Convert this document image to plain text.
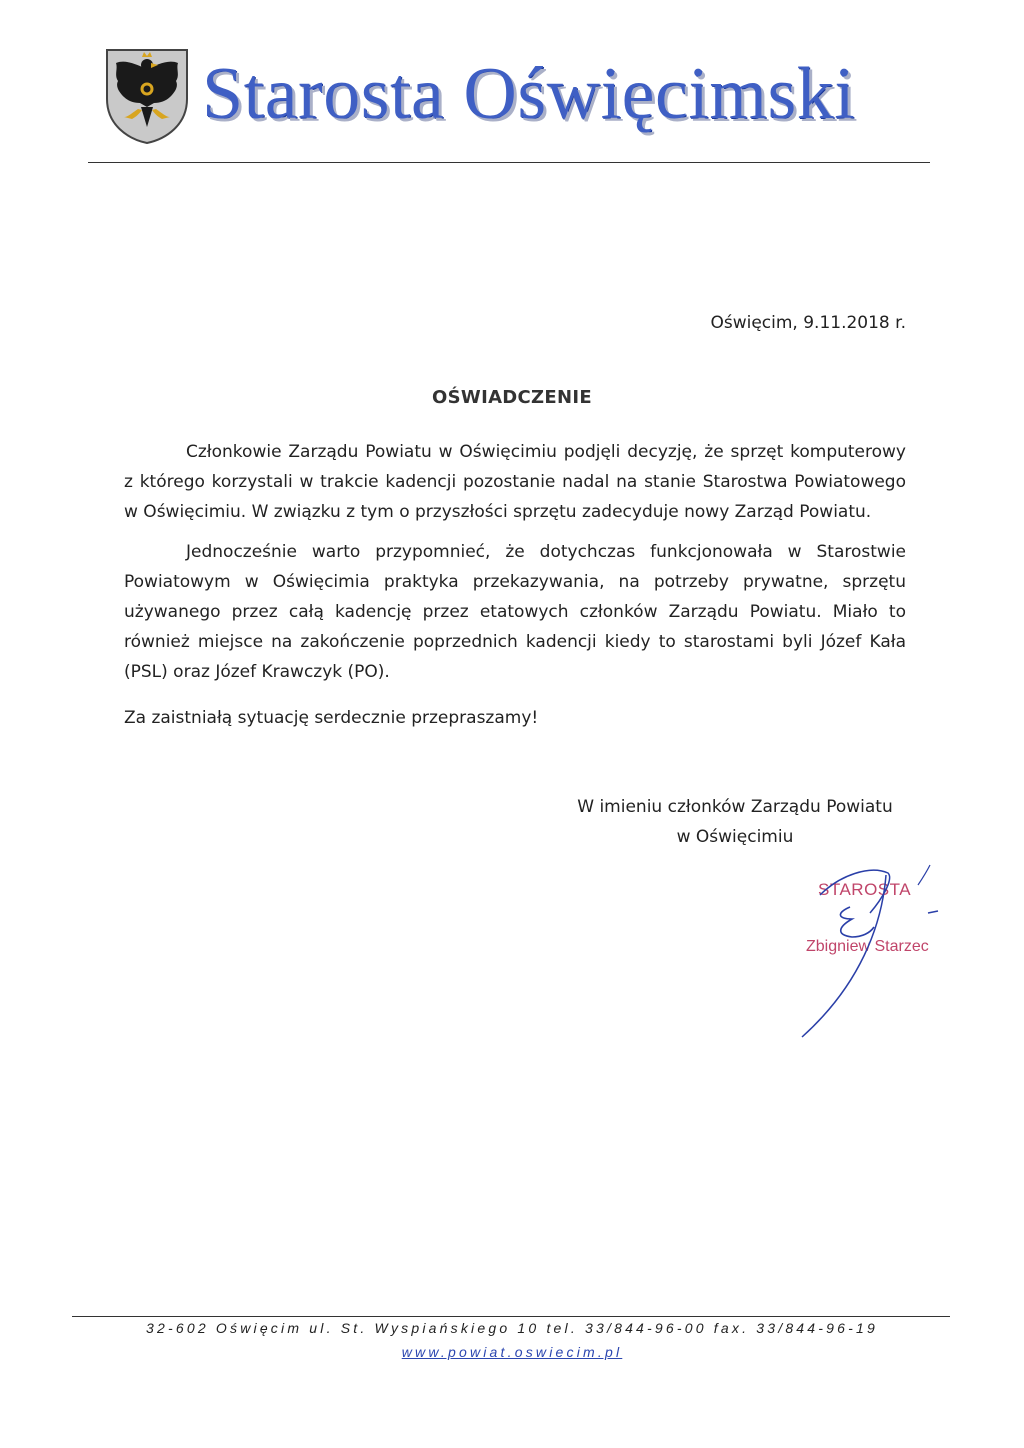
Starosta Oświęcimski
Oświęcim, 9.11.2018 r.
OŚWIADCZENIE
Członkowie Zarządu Powiatu w Oświęcimiu podjęli decyzję, że sprzęt komputerowy z którego korzystali w trakcie kadencji pozostanie nadal na stanie Starostwa Powiatowego w Oświęcimiu. W związku z tym o przyszłości sprzętu zadecyduje nowy Zarząd Powiatu.
Jednocześnie warto przypomnieć, że dotychczas funkcjonowała w Starostwie Powiatowym w Oświęcimia praktyka przekazywania, na potrzeby prywatne, sprzętu używanego przez całą kadencję przez etatowych członków Zarządu Powiatu. Miało to również miejsce na zakończenie poprzednich kadencji kiedy to starostami byli Józef Kała (PSL) oraz Józef Krawczyk (PO).
Za zaistniałą sytuację serdecznie przepraszamy!
W imieniu członków Zarządu Powiatu
w Oświęcimiu
STAROSTA
Zbigniew Starzec
32-602 Oświęcim ul. St. Wyspiańskiego 10 tel. 33/844-96-00 fax. 33/844-96-19
www.powiat.oswiecim.pl
